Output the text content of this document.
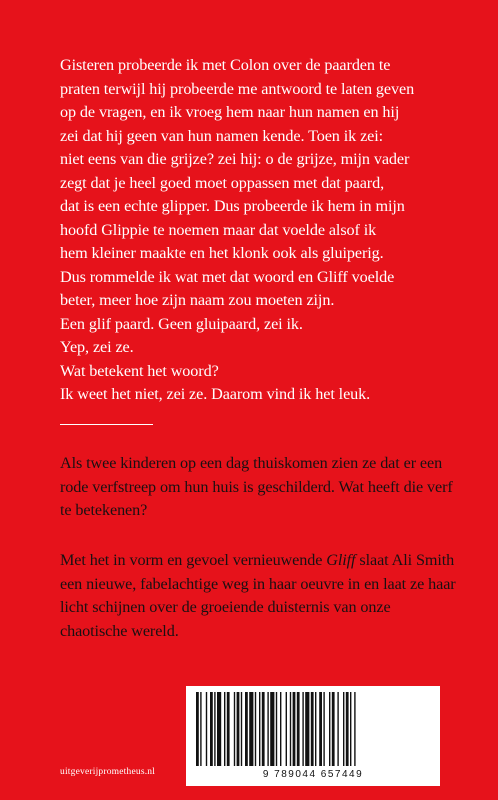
Gisteren probeerde ik met Colon over de paarden te
praten terwijl hij probeerde me antwoord te laten geven
op de vragen, en ik vroeg hem naar hun namen en hij
zei dat hij geen van hun namen kende. Toen ik zei:
niet eens van die grijze? zei hij: o de grijze, mijn vader
zegt dat je heel goed moet oppassen met dat paard,
dat is een echte glipper. Dus probeerde ik hem in mijn
hoofd Glippie te noemen maar dat voelde alsof ik
hem kleiner maakte en het klonk ook als gluiperig.
Dus rommelde ik wat met dat woord en Gliff voelde
beter, meer hoe zijn naam zou moeten zijn.

Een glif paard. Geen gluipaard, zei ik.

Yep, zei ze.

Wat betekent het woord?

Ik weet het niet, zei ze. Daarom vind ik het leuk.

Als twee kinderen op een dag thuiskomen zien ze dat er een rode verfstreep om hun huis is geschilderd. Wat heeft die verf te betekenen?

Met het in vorm en gevoel vernieuwende Gliff slaat Ali Smith een nieuwe, fabelachtige weg in haar oeuvre in en laat ze haar licht schijnen over de groeiende duisternis van onze chaotische wereld.

uitgeverijprometheus.nl	9 789044 657449
